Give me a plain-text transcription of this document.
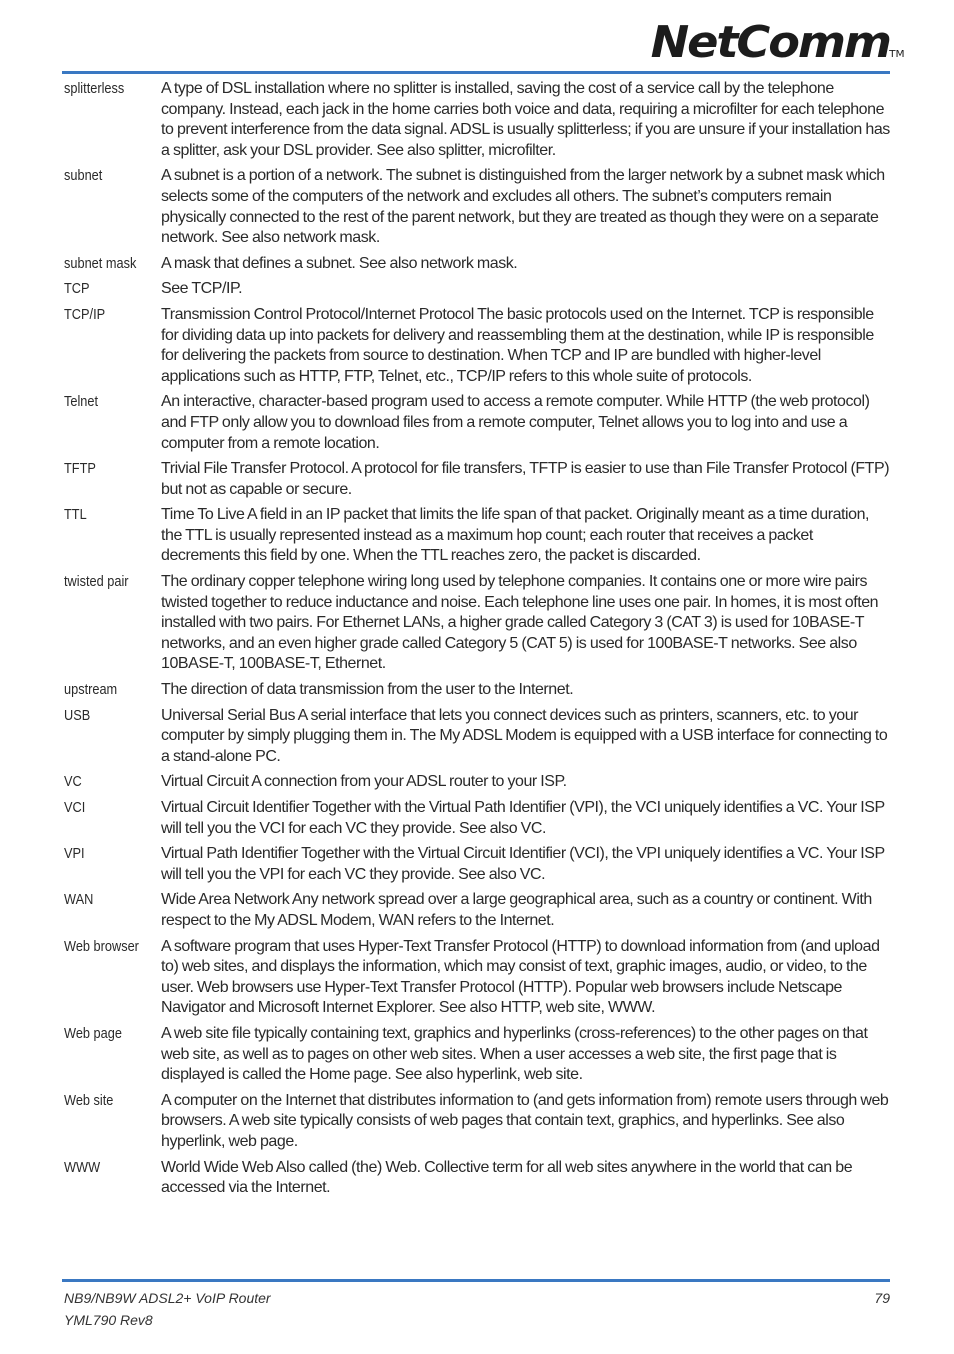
NetComm TM
splitterless	A type of DSL installation where no splitter is installed, saving the cost of a service call by the telephone company. Instead, each jack in the home carries both voice and data, requiring a microfilter for each telephone to prevent interference from the data signal. ADSL is usually splitterless; if you are unsure if your installation has a splitter, ask your DSL provider. See also splitter, microfilter.
subnet	A subnet is a portion of a network. The subnet is distinguished from the larger network by a subnet mask which selects some of the computers of the network and excludes all others. The subnet’s computers remain physically connected to the rest of the parent network, but they are treated as though they were on a separate network. See also network mask.
subnet mask	A mask that defines a subnet. See also network mask.
TCP	See TCP/IP.
TCP/IP	Transmission Control Protocol/Internet Protocol The basic protocols used on the Internet. TCP is responsible for dividing data up into packets for delivery and reassembling them at the destination, while IP is responsible for delivering the packets from source to destination. When TCP and IP are bundled with higher-level applications such as HTTP, FTP, Telnet, etc., TCP/IP refers to this whole suite of protocols.
Telnet	An interactive, character-based program used to access a remote computer. While HTTP (the web protocol) and FTP only allow you to download files from a remote computer, Telnet allows you to log into and use a computer from a remote location.
TFTP	Trivial File Transfer Protocol. A protocol for file transfers, TFTP is easier to use than File Transfer Protocol (FTP) but not as capable or secure.
TTL	Time To Live A field in an IP packet that limits the life span of that packet. Originally meant as a time duration, the TTL is usually represented instead as a maximum hop count; each router that receives a packet decrements this field by one. When the TTL reaches zero, the packet is discarded.
twisted pair	The ordinary copper telephone wiring long used by telephone companies. It contains one or more wire pairs twisted together to reduce inductance and noise. Each telephone line uses one pair. In homes, it is most often installed with two pairs. For Ethernet LANs, a higher grade called Category 3 (CAT 3) is used for 10BASE-T networks, and an even higher grade called Category 5 (CAT 5) is used for 100BASE-T networks. See also 10BASE-T, 100BASE-T, Ethernet.
upstream	The direction of data transmission from the user to the Internet.
USB	Universal Serial Bus A serial interface that lets you connect devices such as printers, scanners, etc. to your computer by simply plugging them in. The My ADSL Modem is equipped with a USB interface for connecting to a stand-alone PC.
VC	Virtual Circuit A connection from your ADSL router to your ISP.
VCI	Virtual Circuit Identifier Together with the Virtual Path Identifier (VPI), the VCI uniquely identifies a VC. Your ISP will tell you the VCI for each VC they provide. See also VC.
VPI	Virtual Path Identifier Together with the Virtual Circuit Identifier (VCI), the VPI uniquely identifies a VC. Your ISP will tell you the VPI for each VC they provide. See also VC.
WAN	Wide Area Network Any network spread over a large geographical area, such as a country or continent. With respect to the My ADSL Modem, WAN refers to the Internet.
Web browser	A software program that uses Hyper-Text Transfer Protocol (HTTP) to download information from (and upload to) web sites, and displays the information, which may consist of text, graphic images, audio, or video, to the user. Web browsers use Hyper-Text Transfer Protocol (HTTP). Popular web browsers include Netscape Navigator and Microsoft Internet Explorer. See also HTTP, web site, WWW.
Web page	A web site file typically containing text, graphics and hyperlinks (cross-references) to the other pages on that web site, as well as to pages on other web sites. When a user accesses a web site, the first page that is displayed is called the Home page. See also hyperlink, web site.
Web site	A computer on the Internet that distributes information to (and gets information from) remote users through web browsers. A web site typically consists of web pages that contain text, graphics, and hyperlinks. See also hyperlink, web page.
WWW	World Wide Web Also called (the) Web. Collective term for all web sites anywhere in the world that can be accessed via the Internet.
NB9/NB9W ADSL2+ VoIP Router
YML790 Rev8
79
